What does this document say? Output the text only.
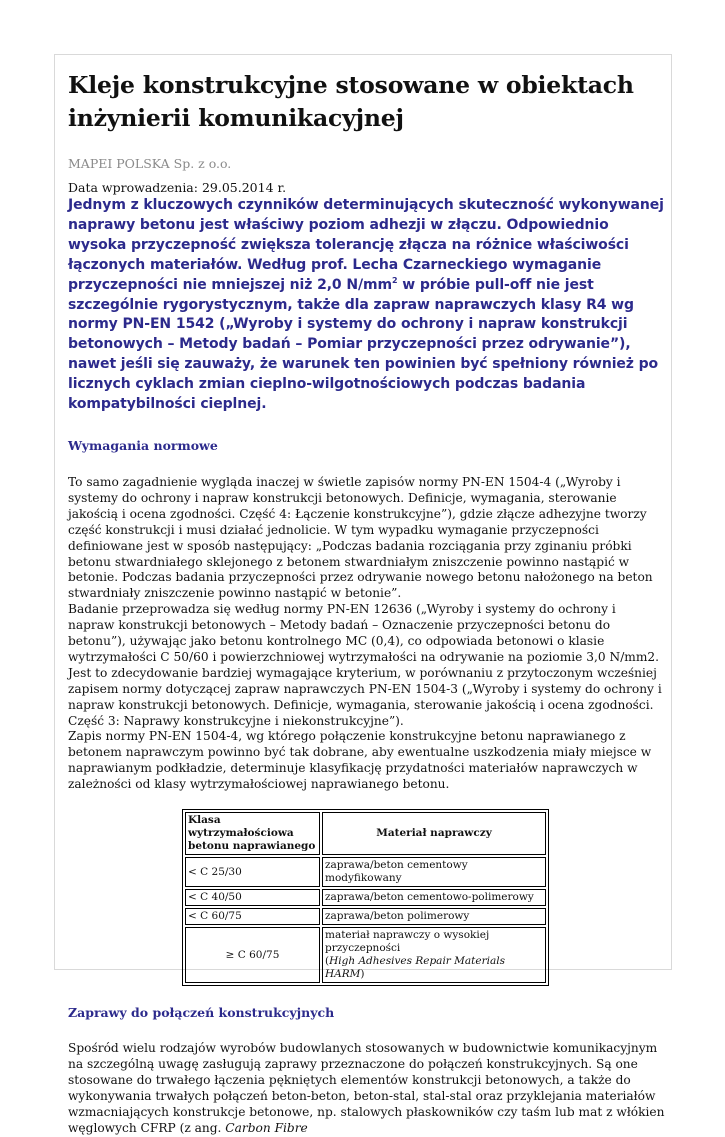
Kleje konstrukcyjne stosowane w obiektach inżynierii komunikacyjnej
MAPEI POLSKA Sp. z o.o.
Data wprowadzenia: 29.05.2014 r.

Jednym z kluczowych czynników determinujących skuteczność wykonywanej naprawy betonu jest właściwy poziom adhezji w złączu. Odpowiednio wysoka przyczepność zwiększa tolerancję złącza na różnice właściwości łączonych materiałów. Według prof. Lecha Czarneckiego wymaganie przyczepności nie mniejszej niż 2,0 $N/mm^2$ w próbie pull-off nie jest szczególnie rygorystycznym, także dla zapraw naprawczych klasy R4 wg normy PN-EN 1542 („Wyroby i systemy do ochrony i napraw konstrukcji betonowych – Metody badań – Pomiar przyczepności przez odrywanie”), nawet jeśli się zauważy, że warunek ten powinien być spełniony również po licznych cyklach zmian cieplno-wilgotnościowych podczas badania kompatybilności cieplnej.

Wymagania normowe

To samo zagadnienie wygląda inaczej w świetle zapisów normy PN-EN 1504-4 („Wyroby i systemy do ochrony i napraw konstrukcji betonowych. Definicje, wymagania, sterowanie jakością i ocena zgodności. Część 4: Łączenie konstrukcyjne”), gdzie złącze adhezyjne tworzy część konstrukcji i musi działać jednolicie. W tym wypadku wymaganie przyczepności definiowane jest w sposób następujący: „Podczas badania rozciągania przy zginaniu próbki betonu stwardniałego sklejonego z betonem stwardniałym zniszczenie powinno nastąpić w betonie. Podczas badania przyczepności przez odrywanie nowego betonu nałożonego na beton stwardniały zniszczenie powinno nastąpić w betonie”.

Badanie przeprowadza się według normy PN-EN 12636 („Wyroby i systemy do ochrony i napraw konstrukcji betonowych – Metody badań – Oznaczenie przyczepności betonu do betonu”), używając jako betonu kontrolnego MC (0,4), co odpowiada betonowi o klasie wytrzymałości C 50/60 i powierzchniowej wytrzymałości na odrywanie na poziomie 3,0 N/mm2. Jest to zdecydowanie bardziej wymagające kryterium, w porównaniu z przytoczonym wcześniej zapisem normy dotyczącej zapraw naprawczych PN-EN 1504-3 („Wyroby i systemy do ochrony i napraw konstrukcji betonowych. Definicje, wymagania, sterowanie jakością i ocena zgodności. Część 3: Naprawy konstrukcyjne i niekonstrukcyjne”).

Zapis normy PN-EN 1504-4, wg którego połączenie konstrukcyjne betonu naprawianego z betonem naprawczym powinno być tak dobrane, aby ewentualne uszkodzenia miały miejsce w naprawianym podkładzie, determinuje klasyfikację przydatności materiałów naprawczych w zależności od klasy wytrzymałościowej naprawianego betonu.

Klasa wytrzymałościowa betonu naprawianego	Materiał naprawczy
< C 25/30	zaprawa/beton cementowy modyfikowany
< C 40/50	zaprawa/beton cementowo-polimerowy
< C 60/75	zaprawa/beton polimerowy
≥ C 60/75	materiał naprawczy o wysokiej przyczepności
(High Adhesives Repair Materials HARM)
Zaprawy do połączeń konstrukcyjnych

Spośród wielu rodzajów wyrobów budowlanych stosowanych w budownictwie komunikacyjnym na szczególną uwagę zasługują zaprawy przeznaczone do połączeń konstrukcyjnych. Są one stosowane do trwałego łączenia pękniętych elementów konstrukcji betonowych, a także do wykonywania trwałych połączeń beton-beton, beton-stal, stal-stal oraz przyklejania materiałów wzmacniających konstrukcje betonowe, np. stalowych płaskowników czy taśm lub mat z włókien węglowych CFRP (z ang. Carbon Fibre
